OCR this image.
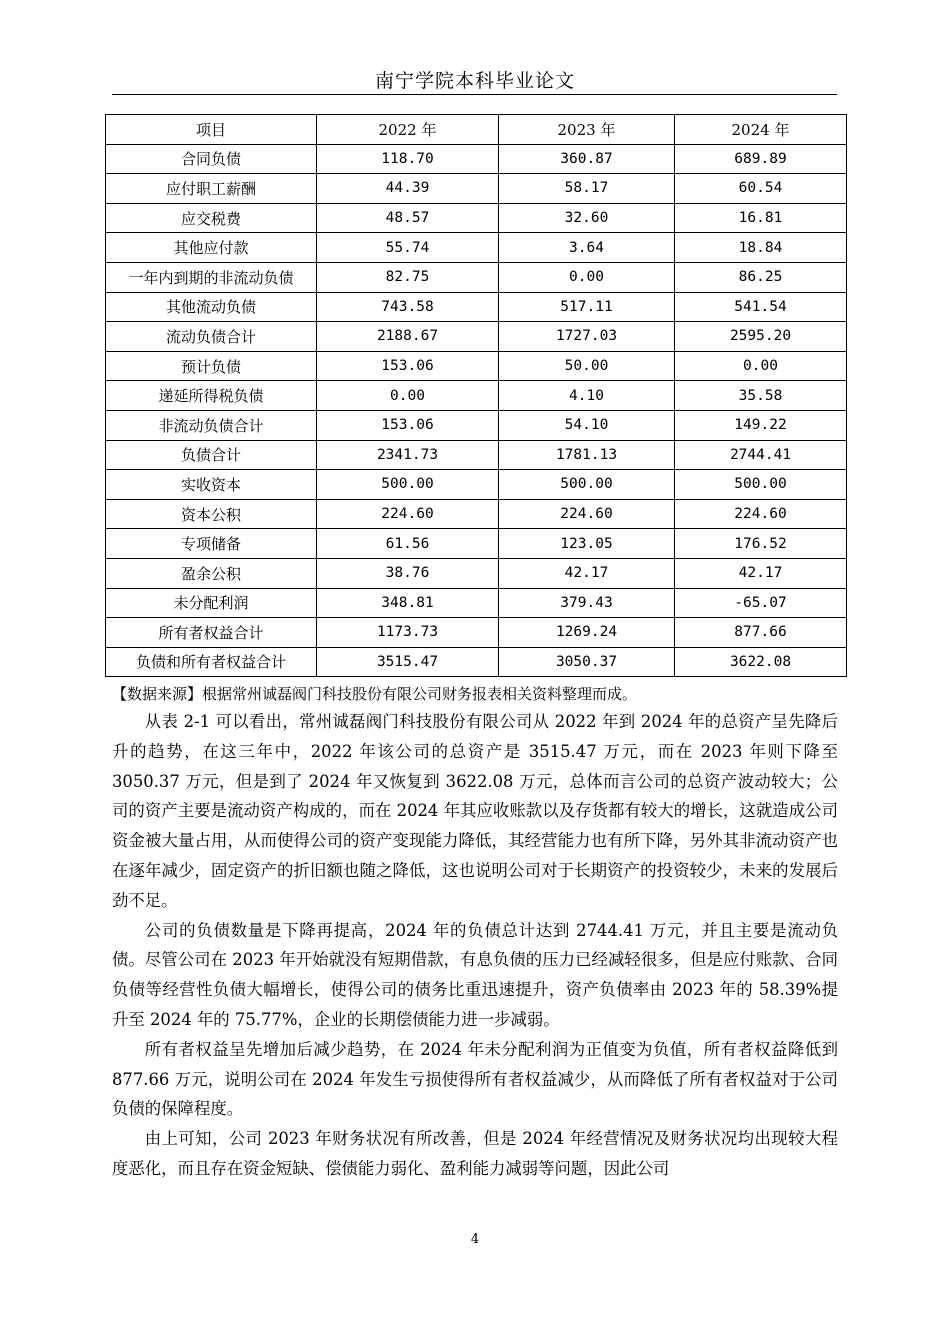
南宁学院本科毕业论文
项目	2022 年	2023 年	2024 年
合同负债	118.70	360.87	689.89
应付职工薪酬	44.39	58.17	60.54
应交税费	48.57	32.60	16.81
其他应付款	55.74	3.64	18.84
一年内到期的非流动负债	82.75	0.00	86.25
其他流动负债	743.58	517.11	541.54
流动负债合计	2188.67	1727.03	2595.20
预计负债	153.06	50.00	0.00
递延所得税负债	0.00	4.10	35.58
非流动负债合计	153.06	54.10	149.22
负债合计	2341.73	1781.13	2744.41
实收资本	500.00	500.00	500.00
资本公积	224.60	224.60	224.60
专项储备	61.56	123.05	176.52
盈余公积	38.76	42.17	42.17
未分配利润	348.81	379.43	-65.07
所有者权益合计	1173.73	1269.24	877.66
负债和所有者权益合计	3515.47	3050.37	3622.08
【数据来源】根据常州诚磊阀门科技股份有限公司财务报表相关资料整理而成。

从表 2-1 可以看出，常州诚磊阀门科技股份有限公司从 2022 年到 2024 年的总资产呈先降后升的趋势，在这三年中，2022 年该公司的总资产是 3515.47 万元，而在 2023 年则下降至 3050.37 万元，但是到了 2024 年又恢复到 3622.08 万元，总体而言公司的总资产波动较大；公司的资产主要是流动资产构成的，而在 2024 年其应收账款以及存货都有较大的增长，这就造成公司资金被大量占用，从而使得公司的资产变现能力降低，其经营能力也有所下降，另外其非流动资产也在逐年减少，固定资产的折旧额也随之降低，这也说明公司对于长期资产的投资较少，未来的发展后劲不足。

公司的负债数量是下降再提高，2024 年的负债总计达到 2744.41 万元，并且主要是流动负债。尽管公司在 2023 年开始就没有短期借款，有息负债的压力已经减轻很多，但是应付账款、合同负债等经营性负债大幅增长，使得公司的债务比重迅速提升，资产负债率由 2023 年的 58.39%提升至 2024 年的 75.77%，企业的长期偿债能力进一步减弱。

所有者权益呈先增加后减少趋势，在 2024 年未分配利润为正值变为负值，所有者权益降低到 877.66 万元，说明公司在 2024 年发生亏损使得所有者权益减少，从而降低了所有者权益对于公司负债的保障程度。

由上可知，公司 2023 年财务状况有所改善，但是 2024 年经营情况及财务状况均出现较大程度恶化，而且存在资金短缺、偿债能力弱化、盈利能力减弱等问题，因此公司

4
